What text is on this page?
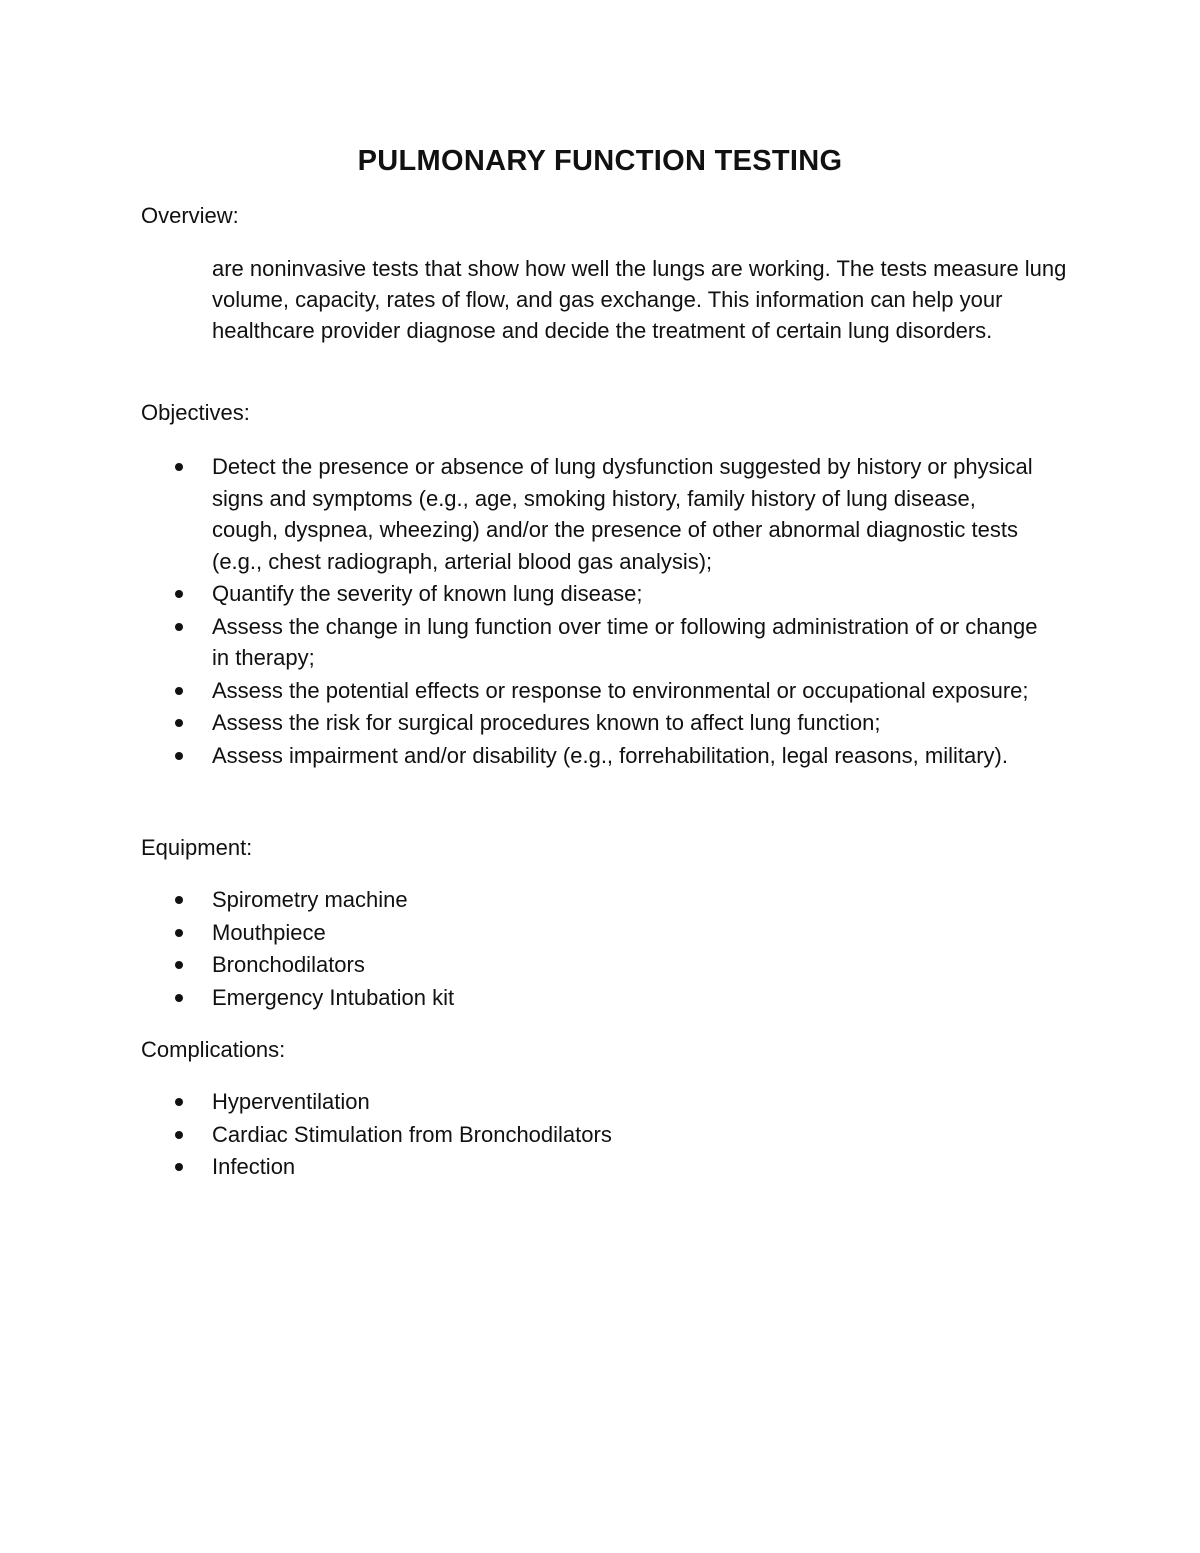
PULMONARY FUNCTION TESTING

Overview:

are noninvasive tests that show how well the lungs are working. The tests measure lung volume, capacity, rates of flow, and gas exchange. This information can help your healthcare provider diagnose and decide the treatment of certain lung disorders.

Objectives:

Detect the presence or absence of lung dysfunction suggested by history or physical signs and symptoms (e.g., age, smoking history, family history of lung disease, cough, dyspnea, wheezing) and/or the presence of other abnormal diagnostic tests (e.g., chest radiograph, arterial blood gas analysis);
Quantify the severity of known lung disease;
Assess the change in lung function over time or following administration of or change in therapy;
Assess the potential effects or response to environmental or occupational exposure;
Assess the risk for surgical procedures known to affect lung function;
Assess impairment and/or disability (e.g., forrehabilitation, legal reasons, military).

Equipment:

Spirometry machine
Mouthpiece
Bronchodilators
Emergency Intubation kit

Complications:

Hyperventilation
Cardiac Stimulation from Bronchodilators
Infection
